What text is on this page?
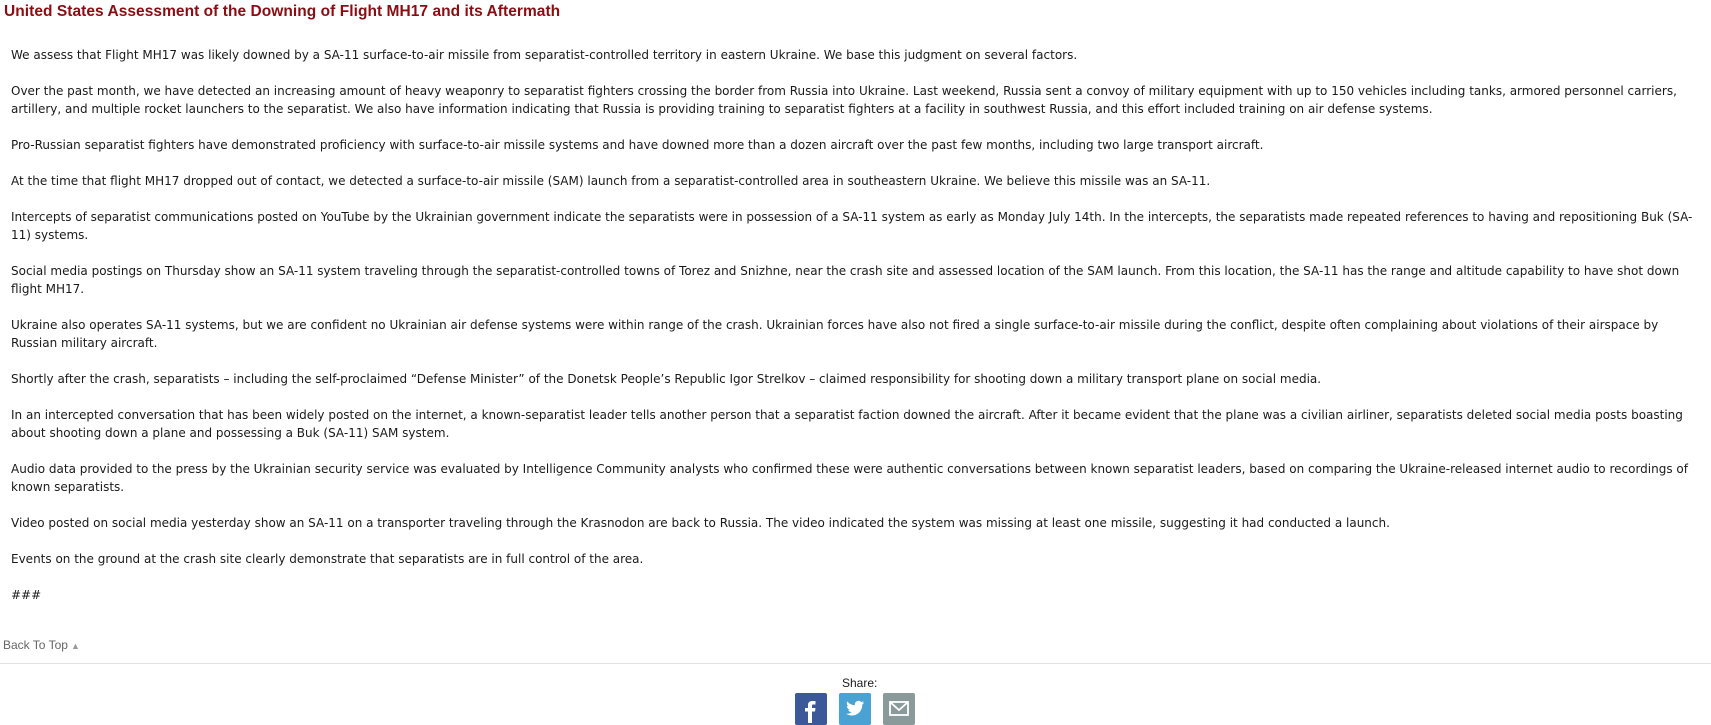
United States Assessment of the Downing of Flight MH17 and its Aftermath

We assess that Flight MH17 was likely downed by a SA-11 surface-to-air missile from separatist-controlled territory in eastern Ukraine. We base this judgment on several factors.

Over the past month, we have detected an increasing amount of heavy weaponry to separatist fighters crossing the border from Russia into Ukraine. Last weekend, Russia sent a convoy of military equipment with up to 150 vehicles including tanks, armored personnel carriers, artillery, and multiple rocket launchers to the separatist. We also have information indicating that Russia is providing training to separatist fighters at a facility in southwest Russia, and this effort included training on air defense systems.

Pro-Russian separatist fighters have demonstrated proficiency with surface-to-air missile systems and have downed more than a dozen aircraft over the past few months, including two large transport aircraft.

At the time that flight MH17 dropped out of contact, we detected a surface-to-air missile (SAM) launch from a separatist-controlled area in southeastern Ukraine. We believe this missile was an SA-11.

Intercepts of separatist communications posted on YouTube by the Ukrainian government indicate the separatists were in possession of a SA-11 system as early as Monday July 14th. In the intercepts, the separatists made repeated references to having and repositioning Buk (SA-11) systems.

Social media postings on Thursday show an SA-11 system traveling through the separatist-controlled towns of Torez and Snizhne, near the crash site and assessed location of the SAM launch. From this location, the SA-11 has the range and altitude capability to have shot down flight MH17.

Ukraine also operates SA-11 systems, but we are confident no Ukrainian air defense systems were within range of the crash. Ukrainian forces have also not fired a single surface-to-air missile during the conflict, despite often complaining about violations of their airspace by Russian military aircraft.

Shortly after the crash, separatists – including the self-proclaimed “Defense Minister” of the Donetsk People’s Republic Igor Strelkov – claimed responsibility for shooting down a military transport plane on social media.

In an intercepted conversation that has been widely posted on the internet, a known-separatist leader tells another person that a separatist faction downed the aircraft. After it became evident that the plane was a civilian airliner, separatists deleted social media posts boasting about shooting down a plane and possessing a Buk (SA-11) SAM system.

Audio data provided to the press by the Ukrainian security service was evaluated by Intelligence Community analysts who confirmed these were authentic conversations between known separatist leaders, based on comparing the Ukraine-released internet audio to recordings of known separatists.

Video posted on social media yesterday show an SA-11 on a transporter traveling through the Krasnodon are back to Russia. The video indicated the system was missing at least one missile, suggesting it had conducted a launch.

Events on the ground at the crash site clearly demonstrate that separatists are in full control of the area.

###

Back To Top ▲
Share:
